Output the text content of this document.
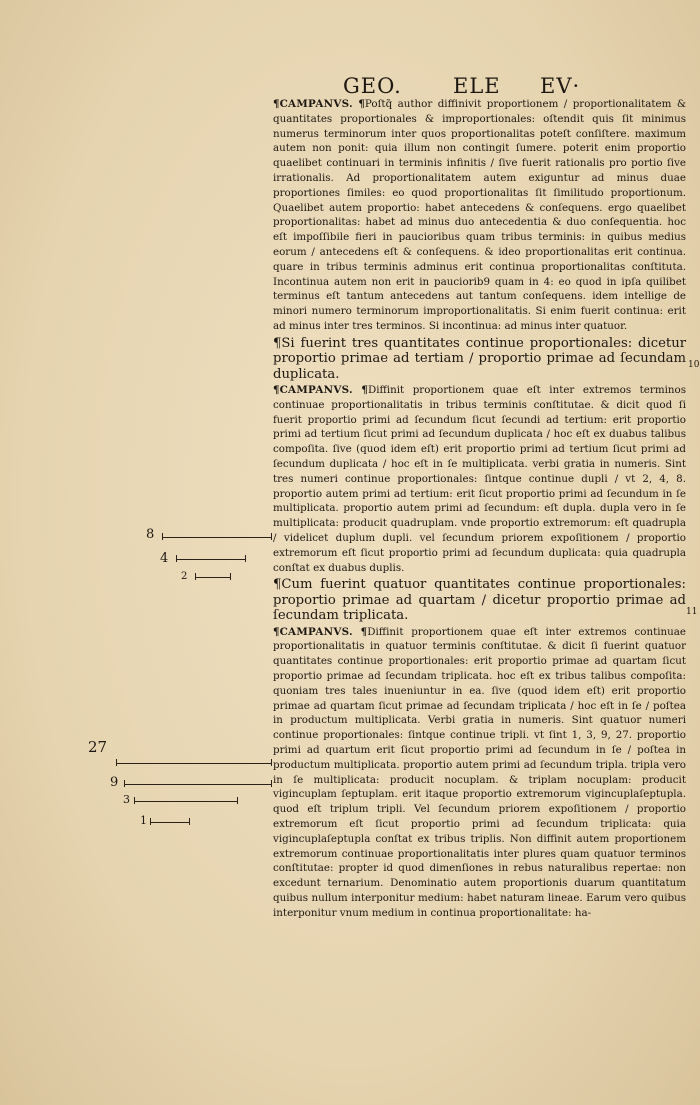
GEO. ELE EV·
8
4
2
27
9
3
1

¶CAMPANVS. ¶Poſtq̃ author diffinivit proportionem / proportionalitatem & quantitates proportionales & improportionales: oſtendit quis ſit minimus numerus terminorum inter quos proportionalitas poteſt conſiſtere. maximum autem non ponit: quia illum non contingit ſumere. poterit enim proportio quaelibet continuari in terminis infinitis / ſive fuerit rationalis pro portio ſive irrationalis. Ad proportionalitatem autem exiguntur ad minus duae proportiones ſimiles: eo quod proportionalitas ſit ſimilitudo proportionum. Quaelibet autem proportio: habet antecedens & conſequens. ergo quaelibet proportionalitas: habet ad minus duo antecedentia & duo conſequentia. hoc eſt impoſſibile fieri in paucioribus quam tribus terminis: in quibus medius eorum / antecedens eſt & conſequens. & ideo proportionalitas erit continua. quare in tribus terminis adminus erit continua proportionalitas conſtituta. Incontinua autem non erit in pauciorib9 quam in 4: eo quod in ipſa quilibet terminus eſt tantum antecedens aut tantum conſequens. idem intellige de minori numero terminorum improportionalitatis. Si enim fuerit continua: erit ad minus inter tres terminos. Si incontinua: ad minus inter quatuor.

¶Si fuerint tres quantitates continue proportionales: dicetur proportio primae ad tertiam / proportio primae ad ſecundam duplicata.

¶CAMPANVS. ¶Diffinit proportionem quae eſt inter extremos terminos continuae proportionalitatis in tribus terminis conſtitutae. & dicit quod ſi fuerit proportio primi ad ſecundum ſicut ſecundi ad tertium: erit proportio primi ad tertium ſicut primi ad ſecundum duplicata / hoc eſt ex duabus talibus compoſita. ſive (quod idem eſt) erit proportio primi ad tertium ſicut primi ad ſecundum duplicata / hoc eſt in ſe multiplicata. verbi gratia in numeris. Sint tres numeri continue proportionales: ſintque continue dupli / vt 2, 4, 8. proportio autem primi ad tertium: erit ſicut proportio primi ad ſecundum in ſe multiplicata. proportio autem primi ad ſecundum: eſt dupla. dupla vero in ſe multiplicata: producit quadruplam. vnde proportio extremorum: eſt quadrupla / videlicet duplum dupli. vel ſecundum priorem expoſitionem / proportio extremorum eſt ſicut proportio primi ad ſecundum duplicata: quia quadrupla conſtat ex duabus duplis.

¶Cum fuerint quatuor quantitates continue proportionales: proportio primae ad quartam / dicetur proportio primae ad ſecundam triplicata.

¶CAMPANVS. ¶Diffinit proportionem quae eſt inter extremos continuae proportionalitatis in quatuor terminis conſtitutae. & dicit ſi fuerint quatuor quantitates continue proportionales: erit proportio primae ad quartam ſicut proportio primae ad ſecundam triplicata. hoc eſt ex tribus talibus compoſita: quoniam tres tales inueniuntur in ea. ſive (quod idem eſt) erit proportio primae ad quartam ſicut primae ad ſecundam triplicata / hoc eſt in ſe / poſtea in productum multiplicata. Verbi gratia in numeris. Sint quatuor numeri continue proportionales: ſintque continue tripli. vt ſint 1, 3, 9, 27. proportio primi ad quartum erit ſicut proportio primi ad ſecundum in ſe / poſtea in productum multiplicata. proportio autem primi ad ſecundum tripla. tripla vero in ſe multiplicata: producit nocuplam. & triplam nocuplam: producit vigincuplam ſeptuplam. erit itaque proportio extremorum vigincuplaſeptupla. quod eſt triplum tripli. Vel ſecundum priorem expoſitionem / proportio extremorum eſt ſicut proportio primi ad ſecundum triplicata: quia vigincuplaſeptupla conſtat ex tribus triplis. Non diffinit autem proportionem extremorum continuae proportionalitatis inter plures quam quatuor terminos conſtitutae: propter id quod dimenſiones in rebus naturalibus repertae: non excedunt ternarium. Denominatio autem proportionis duarum quantitatum quibus nullum interponitur medium: habet naturam lineae. Earum vero quibus interponitur vnum medium in continua proportionalitate: ha-

10
11
